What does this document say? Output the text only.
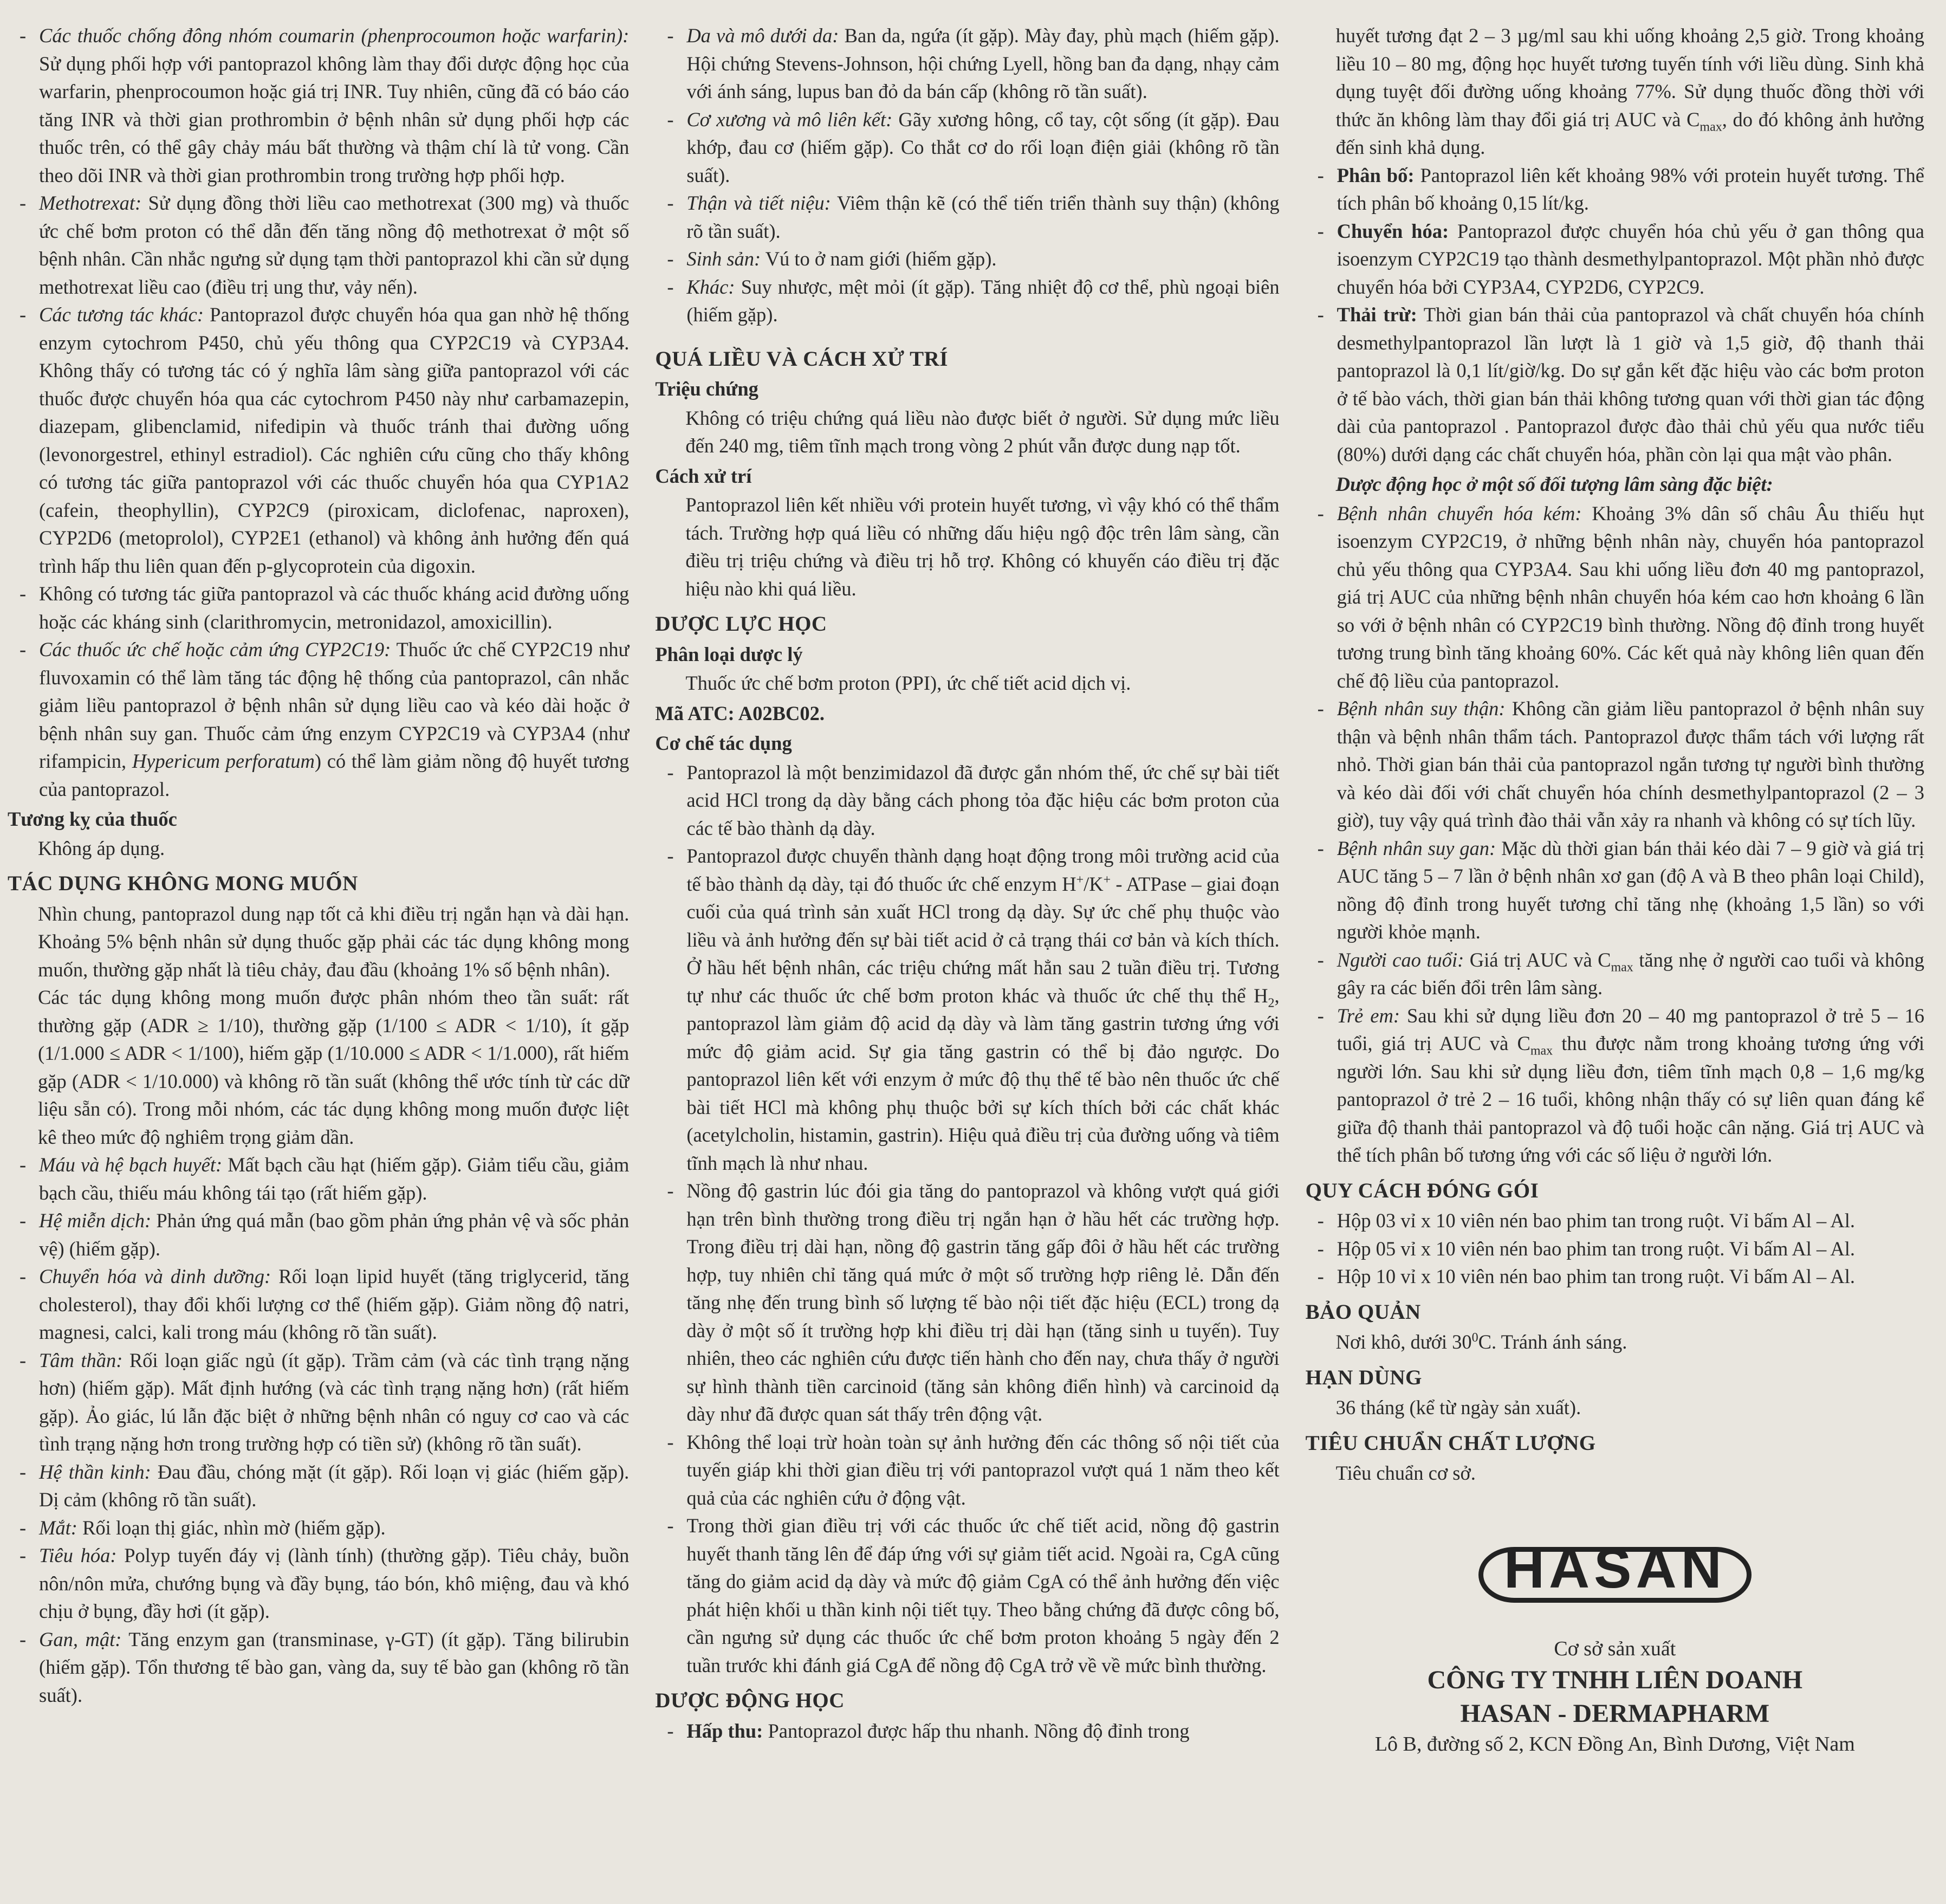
- Các thuốc chống đông nhóm coumarin (phenprocoumon hoặc warfarin): Sử dụng phối hợp với pantoprazol không làm thay đổi dược động học của warfarin, phenprocoumon hoặc giá trị INR. Tuy nhiên, cũng đã có báo cáo tăng INR và thời gian prothrombin ở bệnh nhân sử dụng phối hợp các thuốc trên, có thể gây chảy máu bất thường và thậm chí là tử vong. Cần theo dõi INR và thời gian prothrombin trong trường hợp phối hợp.

- Methotrexat: Sử dụng đồng thời liều cao methotrexat (300 mg) và thuốc ức chế bơm proton có thể dẫn đến tăng nồng độ methotrexat ở một số bệnh nhân. Cần nhắc ngưng sử dụng tạm thời pantoprazol khi cần sử dụng methotrexat liều cao (điều trị ung thư, vảy nến).

- Các tương tác khác: Pantoprazol được chuyển hóa qua gan nhờ hệ thống enzym cytochrom P450, chủ yếu thông qua CYP2C19 và CYP3A4. Không thấy có tương tác có ý nghĩa lâm sàng giữa pantoprazol với các thuốc được chuyển hóa qua các cytochrom P450 này như carbamazepin, diazepam, glibenclamid, nifedipin và thuốc tránh thai đường uống (levonorgestrel, ethinyl estradiol). Các nghiên cứu cũng cho thấy không có tương tác giữa pantoprazol với các thuốc chuyển hóa qua CYP1A2 (cafein, theophyllin), CYP2C9 (piroxicam, diclofenac, naproxen), CYP2D6 (metoprolol), CYP2E1 (ethanol) và không ảnh hưởng đến quá trình hấp thu liên quan đến p-glycoprotein của digoxin.

- Không có tương tác giữa pantoprazol và các thuốc kháng acid đường uống hoặc các kháng sinh (clarithromycin, metronidazol, amoxicillin).

- Các thuốc ức chế hoặc cảm ứng CYP2C19: Thuốc ức chế CYP2C19 như fluvoxamin có thể làm tăng tác động hệ thống của pantoprazol, cân nhắc giảm liều pantoprazol ở bệnh nhân sử dụng liều cao và kéo dài hoặc ở bệnh nhân suy gan. Thuốc cảm ứng enzym CYP2C19 và CYP3A4 (như rifampicin, Hypericum perforatum) có thể làm giảm nồng độ huyết tương của pantoprazol.

Tương kỵ của thuốc

Không áp dụng.

TÁC DỤNG KHÔNG MONG MUỐN

Nhìn chung, pantoprazol dung nạp tốt cả khi điều trị ngắn hạn và dài hạn. Khoảng 5% bệnh nhân sử dụng thuốc gặp phải các tác dụng không mong muốn, thường gặp nhất là tiêu chảy, đau đầu (khoảng 1% số bệnh nhân).

Các tác dụng không mong muốn được phân nhóm theo tần suất: rất thường gặp (ADR ≥ 1/10), thường gặp (1/100 ≤ ADR < 1/10), ít gặp (1/1.000 ≤ ADR < 1/100), hiếm gặp (1/10.000 ≤ ADR < 1/1.000), rất hiếm gặp (ADR < 1/10.000) và không rõ tần suất (không thể ước tính từ các dữ liệu sẵn có). Trong mỗi nhóm, các tác dụng không mong muốn được liệt kê theo mức độ nghiêm trọng giảm dần.

- Máu và hệ bạch huyết: Mất bạch cầu hạt (hiếm gặp). Giảm tiểu cầu, giảm bạch cầu, thiếu máu không tái tạo (rất hiếm gặp).

- Hệ miễn dịch: Phản ứng quá mẫn (bao gồm phản ứng phản vệ và sốc phản vệ) (hiếm gặp).

- Chuyển hóa và dinh dưỡng: Rối loạn lipid huyết (tăng triglycerid, tăng cholesterol), thay đổi khối lượng cơ thể (hiếm gặp). Giảm nồng độ natri, magnesi, calci, kali trong máu (không rõ tần suất).

- Tâm thần: Rối loạn giấc ngủ (ít gặp). Trầm cảm (và các tình trạng nặng hơn) (hiếm gặp). Mất định hướng (và các tình trạng nặng hơn) (rất hiếm gặp). Ảo giác, lú lẫn đặc biệt ở những bệnh nhân có nguy cơ cao và các tình trạng nặng hơn trong trường hợp có tiền sử) (không rõ tần suất).

- Hệ thần kinh: Đau đầu, chóng mặt (ít gặp). Rối loạn vị giác (hiếm gặp). Dị cảm (không rõ tần suất).

- Mắt: Rối loạn thị giác, nhìn mờ (hiếm gặp).

- Tiêu hóa: Polyp tuyến đáy vị (lành tính) (thường gặp). Tiêu chảy, buồn nôn/nôn mửa, chướng bụng và đầy bụng, táo bón, khô miệng, đau và khó chịu ở bụng, đầy hơi (ít gặp).

- Gan, mật: Tăng enzym gan (transminase, γ-GT) (ít gặp). Tăng bilirubin (hiếm gặp). Tổn thương tế bào gan, vàng da, suy tế bào gan (không rõ tần suất).

- Da và mô dưới da: Ban da, ngứa (ít gặp). Mày đay, phù mạch (hiếm gặp). Hội chứng Stevens-Johnson, hội chứng Lyell, hồng ban đa dạng, nhạy cảm với ánh sáng, lupus ban đỏ da bán cấp (không rõ tần suất).

- Cơ xương và mô liên kết: Gãy xương hông, cổ tay, cột sống (ít gặp). Đau khớp, đau cơ (hiếm gặp). Co thắt cơ do rối loạn điện giải (không rõ tần suất).

- Thận và tiết niệu: Viêm thận kẽ (có thể tiến triển thành suy thận) (không rõ tần suất).

- Sinh sản: Vú to ở nam giới (hiếm gặp).

- Khác: Suy nhược, mệt mỏi (ít gặp). Tăng nhiệt độ cơ thể, phù ngoại biên (hiếm gặp).

QUÁ LIỀU VÀ CÁCH XỬ TRÍ
Triệu chứng

Không có triệu chứng quá liều nào được biết ở người. Sử dụng mức liều đến 240 mg, tiêm tĩnh mạch trong vòng 2 phút vẫn được dung nạp tốt.

Cách xử trí

Pantoprazol liên kết nhiều với protein huyết tương, vì vậy khó có thể thẩm tách. Trường hợp quá liều có những dấu hiệu ngộ độc trên lâm sàng, cần điều trị triệu chứng và điều trị hỗ trợ. Không có khuyến cáo điều trị đặc hiệu nào khi quá liều.

DƯỢC LỰC HỌC
Phân loại dược lý

Thuốc ức chế bơm proton (PPI), ức chế tiết acid dịch vị.

Mã ATC: A02BC02.
Cơ chế tác dụng

- Pantoprazol là một benzimidazol đã được gắn nhóm thế, ức chế sự bài tiết acid HCl trong dạ dày bằng cách phong tỏa đặc hiệu các bơm proton của các tế bào thành dạ dày.

- Pantoprazol được chuyển thành dạng hoạt động trong môi trường acid của tế bào thành dạ dày, tại đó thuốc ức chế enzym H+/K+ - ATPase – giai đoạn cuối của quá trình sản xuất HCl trong dạ dày. Sự ức chế phụ thuộc vào liều và ảnh hưởng đến sự bài tiết acid ở cả trạng thái cơ bản và kích thích. Ở hầu hết bệnh nhân, các triệu chứng mất hẳn sau 2 tuần điều trị. Tương tự như các thuốc ức chế bơm proton khác và thuốc ức chế thụ thể $H_2$, pantoprazol làm giảm độ acid dạ dày và làm tăng gastrin tương ứng với mức độ giảm acid. Sự gia tăng gastrin có thể bị đảo ngược. Do pantoprazol liên kết với enzym ở mức độ thụ thể tế bào nên thuốc ức chế bài tiết HCl mà không phụ thuộc bởi sự kích thích bởi các chất khác (acetylcholin, histamin, gastrin). Hiệu quả điều trị của đường uống và tiêm tĩnh mạch là như nhau.

- Nồng độ gastrin lúc đói gia tăng do pantoprazol và không vượt quá giới hạn trên bình thường trong điều trị ngắn hạn ở hầu hết các trường hợp. Trong điều trị dài hạn, nồng độ gastrin tăng gấp đôi ở hầu hết các trường hợp, tuy nhiên chỉ tăng quá mức ở một số trường hợp riêng lẻ. Dẫn đến tăng nhẹ đến trung bình số lượng tế bào nội tiết đặc hiệu (ECL) trong dạ dày ở một số ít trường hợp khi điều trị dài hạn (tăng sinh u tuyến). Tuy nhiên, theo các nghiên cứu được tiến hành cho đến nay, chưa thấy ở người sự hình thành tiền carcinoid (tăng sản không điển hình) và carcinoid dạ dày như đã được quan sát thấy trên động vật.

- Không thể loại trừ hoàn toàn sự ảnh hưởng đến các thông số nội tiết của tuyến giáp khi thời gian điều trị với pantoprazol vượt quá 1 năm theo kết quả của các nghiên cứu ở động vật.

- Trong thời gian điều trị với các thuốc ức chế tiết acid, nồng độ gastrin huyết thanh tăng lên để đáp ứng với sự giảm tiết acid. Ngoài ra, CgA cũng tăng do giảm acid dạ dày và mức độ giảm CgA có thể ảnh hưởng đến việc phát hiện khối u thần kinh nội tiết tụy. Theo bằng chứng đã được công bố, cần ngưng sử dụng các thuốc ức chế bơm proton khoảng 5 ngày đến 2 tuần trước khi đánh giá CgA để nồng độ CgA trở về về mức bình thường.

DƯỢC ĐỘNG HỌC

- Hấp thu: Pantoprazol được hấp thu nhanh. Nồng độ đỉnh trong

huyết tương đạt 2 – 3 µg/ml sau khi uống khoảng 2,5 giờ. Trong khoảng liều 10 – 80 mg, động học huyết tương tuyến tính với liều dùng. Sinh khả dụng tuyệt đối đường uống khoảng 77%. Sử dụng thuốc đồng thời với thức ăn không làm thay đổi giá trị AUC và $C_{max}$, do đó không ảnh hưởng đến sinh khả dụng.

- Phân bố: Pantoprazol liên kết khoảng 98% với protein huyết tương. Thể tích phân bố khoảng 0,15 lít/kg.

- Chuyển hóa: Pantoprazol được chuyển hóa chủ yếu ở gan thông qua isoenzym CYP2C19 tạo thành desmethylpantoprazol. Một phần nhỏ được chuyển hóa bởi CYP3A4, CYP2D6, CYP2C9.

- Thải trừ: Thời gian bán thải của pantoprazol và chất chuyển hóa chính desmethylpantoprazol lần lượt là 1 giờ và 1,5 giờ, độ thanh thải pantoprazol là 0,1 lít/giờ/kg. Do sự gắn kết đặc hiệu vào các bơm proton ở tế bào vách, thời gian bán thải không tương quan với thời gian tác động dài của pantoprazol . Pantoprazol được đào thải chủ yếu qua nước tiểu (80%) dưới dạng các chất chuyển hóa, phần còn lại qua mật vào phân.

Dược động học ở một số đối tượng lâm sàng đặc biệt:

- Bệnh nhân chuyển hóa kém: Khoảng 3% dân số châu Âu thiếu hụt isoenzym CYP2C19, ở những bệnh nhân này, chuyển hóa pantoprazol chủ yếu thông qua CYP3A4. Sau khi uống liều đơn 40 mg pantoprazol, giá trị AUC của những bệnh nhân chuyển hóa kém cao hơn khoảng 6 lần so với ở bệnh nhân có CYP2C19 bình thường. Nồng độ đỉnh trong huyết tương trung bình tăng khoảng 60%. Các kết quả này không liên quan đến chế độ liều của pantoprazol.

- Bệnh nhân suy thận: Không cần giảm liều pantoprazol ở bệnh nhân suy thận và bệnh nhân thẩm tách. Pantoprazol được thẩm tách với lượng rất nhỏ. Thời gian bán thải của pantoprazol ngắn tương tự người bình thường và kéo dài đối với chất chuyển hóa chính desmethylpantoprazol (2 – 3 giờ), tuy vậy quá trình đào thải vẫn xảy ra nhanh và không có sự tích lũy.

- Bệnh nhân suy gan: Mặc dù thời gian bán thải kéo dài 7 – 9 giờ và giá trị AUC tăng 5 – 7 lần ở bệnh nhân xơ gan (độ A và B theo phân loại Child), nồng độ đỉnh trong huyết tương chỉ tăng nhẹ (khoảng 1,5 lần) so với người khỏe mạnh.

- Người cao tuổi: Giá trị AUC và $C_{max}$ tăng nhẹ ở người cao tuổi và không gây ra các biến đổi trên lâm sàng.

- Trẻ em: Sau khi sử dụng liều đơn 20 – 40 mg pantoprazol ở trẻ 5 – 16 tuổi, giá trị AUC và $C_{max}$ thu được nằm trong khoảng tương ứng với người lớn. Sau khi sử dụng liều đơn, tiêm tĩnh mạch 0,8 – 1,6 mg/kg pantoprazol ở trẻ 2 – 16 tuổi, không nhận thấy có sự liên quan đáng kể giữa độ thanh thải pantoprazol và độ tuổi hoặc cân nặng. Giá trị AUC và thể tích phân bố tương ứng với các số liệu ở người lớn.

QUY CÁCH ĐÓNG GÓI

- Hộp 03 vỉ x 10 viên nén bao phim tan trong ruột. Vỉ bấm Al – Al.

- Hộp 05 vỉ x 10 viên nén bao phim tan trong ruột. Vỉ bấm Al – Al.

- Hộp 10 vỉ x 10 viên nén bao phim tan trong ruột. Vỉ bấm Al – Al.

BẢO QUẢN

Nơi khô, dưới $30^0C$. Tránh ánh sáng.

HẠN DÙNG

36 tháng (kể từ ngày sản xuất).

TIÊU CHUẨN CHẤT LƯỢNG

Tiêu chuẩn cơ sở.

HASAN
Cơ sở sản xuất
CÔNG TY TNHH LIÊN DOANH
HASAN - DERMAPHARM
Lô B, đường số 2, KCN Đồng An, Bình Dương, Việt Nam
